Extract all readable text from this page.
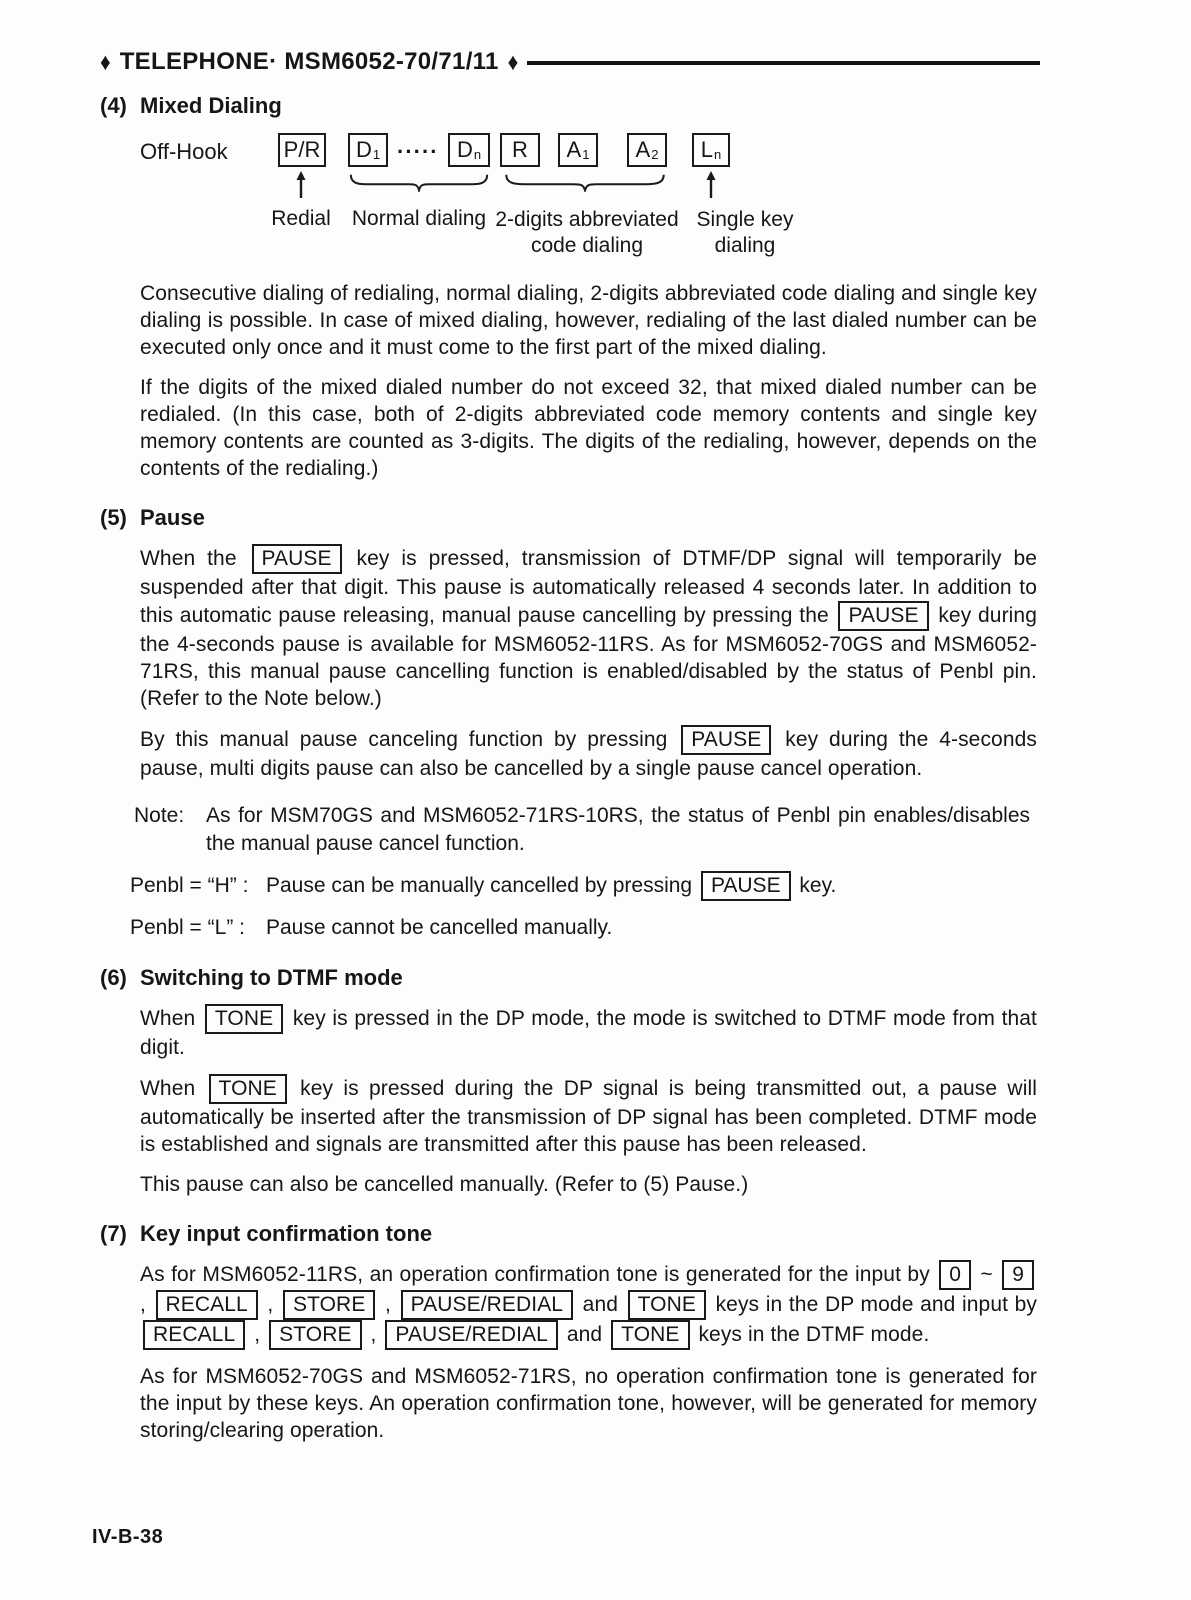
♦ TELEPHONE· MSM6052-70/71/11 ♦
(4) Mixed Dialing
Off-Hook	P/R $D_1$ ····· $D_n$ R $A_1$ $A_2$ $L_n$
Redial Normal dialing 2-digits abbreviated
code dialing
Single key
dialing

Consecutive dialing of redialing, normal dialing, 2-digits abbreviated code dialing and single key dialing is possible. In case of mixed dialing, however, redialing of the last dialed number can be executed only once and it must come to the first part of the mixed dialing.

If the digits of the mixed dialed number do not exceed 32, that mixed dialed number can be redialed. (In this case, both of 2-digits abbreviated code memory contents and single key memory contents are counted as 3-digits. The digits of the redialing, however, depends on the contents of the redialing.)

(5) Pause

When the PAUSE key is pressed, transmission of DTMF/DP signal will temporarily be suspended after that digit. This pause is automatically released 4 seconds later. In addition to this automatic pause releasing, manual pause cancelling by pressing the PAUSE key during the 4-seconds pause is available for MSM6052-11RS. As for MSM6052-70GS and MSM6052-71RS, this manual pause cancelling function is enabled/disabled by the status of Penbl pin. (Refer to the Note below.)

By this manual pause canceling function by pressing PAUSE key during the 4-seconds pause, multi digits pause can also be cancelled by a single pause cancel operation.

Note: As for MSM70GS and MSM6052-71RS-10RS, the status of Penbl pin enables/disables the manual pause cancel function.
Penbl = “H” : Pause can be manually cancelled by pressing PAUSE key.
Penbl = “L” : Pause cannot be cancelled manually.
(6) Switching to DTMF mode

When TONE key is pressed in the DP mode, the mode is switched to DTMF mode from that digit.

When TONE key is pressed during the DP signal is being transmitted out, a pause will automatically be inserted after the transmission of DP signal has been completed. DTMF mode is established and signals are transmitted after this pause has been released.

This pause can also be cancelled manually. (Refer to (5) Pause.)

(7) Key input confirmation tone

As for MSM6052-11RS, an operation confirmation tone is generated for the input by 0 ~ 9 , RECALL , STORE , PAUSE/REDIAL and TONE keys in the DP mode and input by RECALL , STORE , PAUSE/REDIAL and TONE keys in the DTMF mode.

As for MSM6052-70GS and MSM6052-71RS, no operation confirmation tone is generated for the input by these keys. An operation confirmation tone, however, will be generated for memory storing/clearing operation.

IV-B-38
